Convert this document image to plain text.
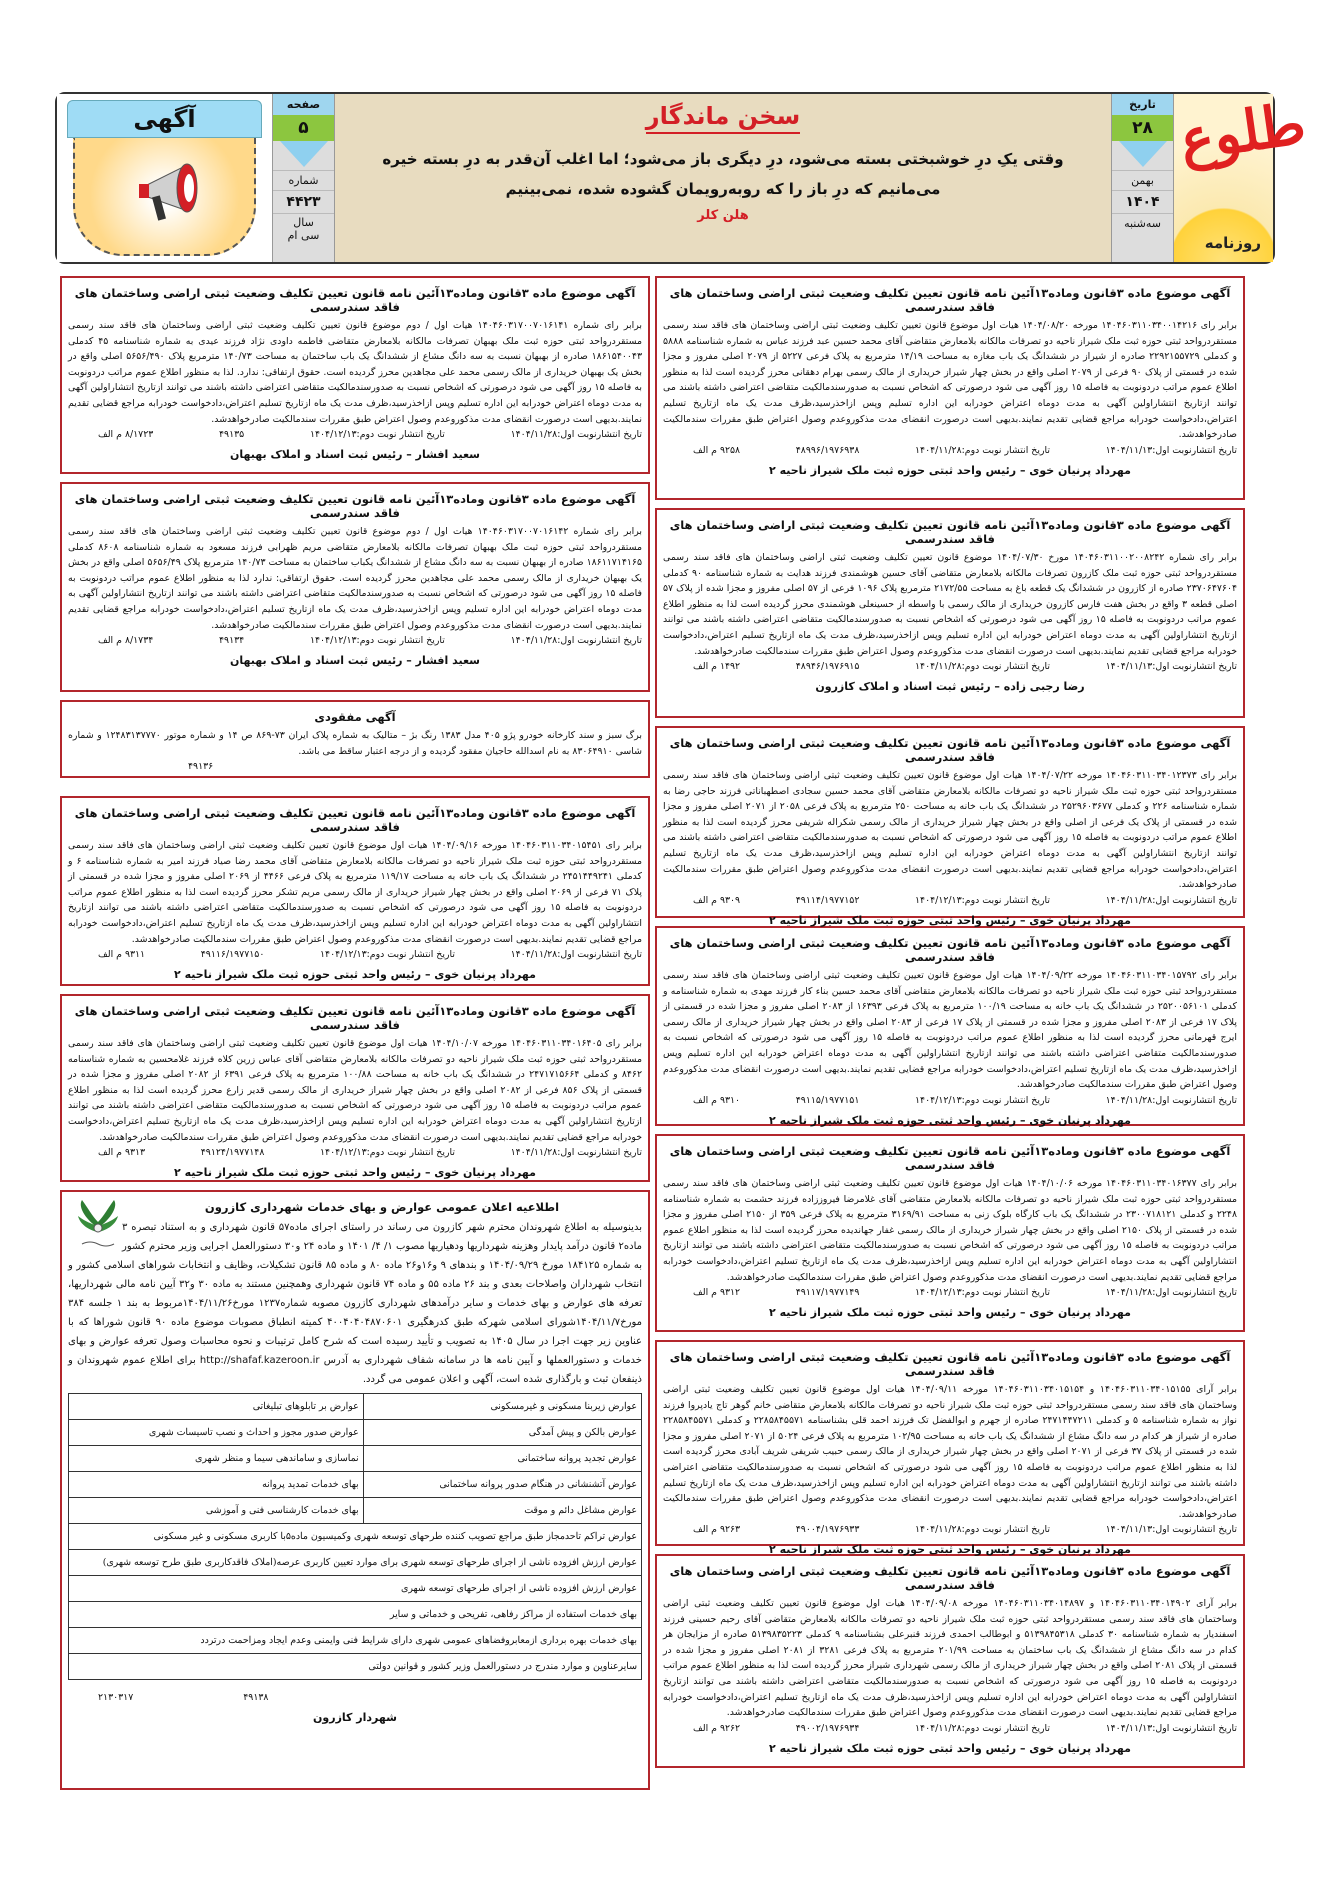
طلوع
روزنامه
تاریخ
۲۸
بهمن
۱۴۰۴
سه‌شنبه
سخن ماندگار
وقتی یکِ درِ خوشبختی بسته می‌شود، درِ دیگری باز می‌شود؛ اما اغلب آن‌قدر به درِ بسته خیره می‌مانیم که درِ باز را که روبه‌رویمان گشوده شده، نمی‌بینیم
هلن کلر
صفحه
۵
شماره
۴۴۲۳
سال
سی ام
آگهی
آگهی موضوع ماده ۳قانون وماده۱۳آئین نامه قانون تعیین تکلیف وضعیت ثبتی اراضی وساختمان های فاقد سندرسمی
برابر رای شماره ۱۴۰۴۶۰۳۱۷۰۰۷۰۱۶۱۴۱ هیات اول / دوم موضوع قانون تعیین تکلیف وضعیت ثبتی اراضی وساختمان های فاقد سند رسمی مستقردرواحد ثبتی حوزه ثبت ملک بهبهان تصرفات مالکانه بلامعارض متقاضی فاطمه داودی نژاد فرزند عیدی به شماره شناسنامه ۴۵ کدملی ۱۸۶۱۵۴۰۰۴۳ صادره از بهبهان نسبت به سه دانگ مشاع از ششدانگ یک باب ساختمان به مساحت ۱۴۰/۷۳ مترمربع پلاک ۵۶۵۶/۴۹۰ اصلی واقع در بخش یک بهبهان خریداری از مالک رسمی محمد علی مجاهدین محرز گردیده است. حقوق ارتفاقی: ندارد. لذا به منظور اطلاع عموم مراتب دردونوبت به فاصله ۱۵ روز آگهی می شود درصورتی که اشخاص نسبت به صدورسندمالکیت متقاضی اعتراضی داشته باشند می توانند ازتاریخ انتشاراولین آگهی به مدت دوماه اعتراض خودرابه این اداره تسلیم وپس ازاخذرسید،ظرف مدت یک ماه ازتاریخ تسلیم اعتراض،دادخواست خودرابه مراجع قضایی تقدیم نمایند.بدیهی است درصورت انقضای مدت مذکوروعدم وصول اعتراض طبق مقررات سندمالکیت صادرخواهدشد.
تاریخ انتشارنوبت اول:۱۴۰۴/۱۱/۲۸
تاریخ انتشار نوبت دوم:۱۴۰۴/۱۲/۱۳
۴۹۱۳۵
۸/۱۷۲۳ م الف
سعید افشار – رئیس ثبت اسناد و املاک بهبهان
آگهی موضوع ماده ۳قانون وماده۱۳آئین نامه قانون تعیین تکلیف وضعیت ثبتی اراضی وساختمان های فاقد سندرسمی
برابر رای شماره ۱۴۰۴۶۰۳۱۷۰۰۷۰۱۶۱۴۲ هیات اول / دوم موضوع قانون تعیین تکلیف وضعیت ثبتی اراضی وساختمان های فاقد سند رسمی مستقردرواحد ثبتی حوزه ثبت ملک بهبهان تصرفات مالکانه بلامعارض متقاضی مریم ظهرابی فرزند مسعود به شماره شناسنامه ۸۶۰۸ کدملی ۱۸۶۱۱۷۱۴۱۶۵ صادره از بهبهان نسبت به سه دانگ مشاع از ششدانگ یکباب ساختمان به مساحت ۱۴۰/۷۳ مترمربع پلاک ۵۶۵۶/۴۹ اصلی واقع در بخش یک بهبهان خریداری از مالک رسمی محمد علی مجاهدین محرز گردیده است. حقوق ارتفاقی: ندارد لذا به منظور اطلاع عموم مراتب دردونوبت به فاصله ۱۵ روز آگهی می شود درصورتی که اشخاص نسبت به صدورسندمالکیت متقاضی اعتراضی داشته باشند می توانند ازتاریخ انتشاراولین آگهی به مدت دوماه اعتراض خودرابه این اداره تسلیم وپس ازاخذرسید،ظرف مدت یک ماه ازتاریخ تسلیم اعتراض،دادخواست خودرابه مراجع قضایی تقدیم نمایند.بدیهی است درصورت انقضای مدت مذکوروعدم وصول اعتراض طبق مقررات سندمالکیت صادرخواهدشد.
تاریخ انتشارنوبت اول:۱۴۰۴/۱۱/۲۸
تاریخ انتشار نوبت دوم:۱۴۰۴/۱۲/۱۳
۴۹۱۳۴
۸/۱۷۳۴ م الف
سعید افشار – رئیس ثبت اسناد و املاک بهبهان
آگهی مفقودی
برگ سبز و سند کارخانه خودرو پژو ۴۰۵ مدل ۱۳۸۳ رنگ بژ – متالیک به شماره پلاک ایران ۷۳-۸۶۹ ص ۱۴ و شماره موتور ۱۲۴۸۳۱۳۷۷۷۰ و شماره شاسی ۸۳۰۶۴۹۱۰ به نام اسدالله حاجیان مفقود گردیده و از درجه اعتبار ساقط می باشد.
۴۹۱۳۶
آگهی موضوع ماده ۳قانون وماده۱۳آئین نامه قانون تعیین تکلیف وضعیت ثبتی اراضی وساختمان های فاقد سندرسمی
برابر رای ۱۴۰۴۶۰۳۱۱۰۳۴۰۱۵۴۵۱ مورخه ۱۴۰۴/۰۹/۱۶ هیات اول موضوع قانون تعیین تکلیف وضعیت ثبتی اراضی وساختمان های فاقد سند رسمی مستقردرواحد ثبتی حوزه ثبت ملک شیراز ناحیه دو تصرفات مالکانه بلامعارض متقاضی آقای محمد رضا صیاد فرزند امیر به شماره شناسنامه ۶ و کدملی ۲۴۵۱۴۴۹۲۴۱ در ششدانگ یک باب خانه به مساحت ۱۱۹/۱۷ مترمربع به پلاک فرعی ۴۴۶۶ از ۲۰۶۹ اصلی مفروز و مجزا شده در قسمتی از پلاک ۷۱ فرعی از ۲۰۶۹ اصلی واقع در بخش چهار شیراز خریداری از مالک رسمی مریم تشکر محرز گردیده است لذا به منظور اطلاع عموم مراتب دردونوبت به فاصله ۱۵ روز آگهی می شود درصورتی که اشخاص نسبت به صدورسندمالکیت متقاضی اعتراضی داشته باشند می توانند ازتاریخ انتشاراولین آگهی به مدت دوماه اعتراض خودرابه این اداره تسلیم وپس ازاخذرسید،ظرف مدت یک ماه ازتاریخ تسلیم اعتراض،دادخواست خودرابه مراجع قضایی تقدیم نمایند.بدیهی است درصورت انقضای مدت مذکوروعدم وصول اعتراض طبق مقررات سندمالکیت صادرخواهدشد.
تاریخ انتشارنوبت اول:۱۴۰۴/۱۱/۲۸
تاریخ انتشار نوبت دوم:۱۴۰۴/۱۲/۱۳
۴۹۱۱۶/۱۹۷۷۱۵۰
۹۳۱۱ م الف
مهرداد پرنیان خوی – رئیس واحد ثبتی حوزه ثبت ملک شیراز ناحیه ۲
آگهی موضوع ماده ۳قانون وماده۱۳آئین نامه قانون تعیین تکلیف وضعیت ثبتی اراضی وساختمان های فاقد سندرسمی
برابر رای ۱۴۰۴۶۰۳۱۱۰۳۴۰۱۶۴۰۵ مورخه ۱۴۰۴/۱۰/۰۷ هیات اول موضوع قانون تعیین تکلیف وضعیت ثبتی اراضی وساختمان های فاقد سند رسمی مستقردرواحد ثبتی حوزه ثبت ملک شیراز ناحیه دو تصرفات مالکانه بلامعارض متقاضی آقای عباس زرین کلاه فرزند غلامحسین به شماره شناسنامه ۸۴۶۲ و کدملی ۲۴۷۱۷۱۵۶۶۴ در ششدانگ یک باب خانه به مساحت ۱۰۰/۸۸ مترمربع به پلاک فرعی ۶۳۹۱ از ۲۰۸۲ اصلی مفروز و مجزا شده در قسمتی از پلاک ۸۵۶ فرعی از ۲۰۸۲ اصلی واقع در بخش چهار شیراز خریداری از مالک رسمی قدیر زارع محرز گردیده است لذا به منظور اطلاع عموم مراتب دردونوبت به فاصله ۱۵ روز آگهی می شود درصورتی که اشخاص نسبت به صدورسندمالکیت متقاضی اعتراضی داشته باشند می توانند ازتاریخ انتشاراولین آگهی به مدت دوماه اعتراض خودرابه این اداره تسلیم وپس ازاخذرسید،ظرف مدت یک ماه ازتاریخ تسلیم اعتراض،دادخواست خودرابه مراجع قضایی تقدیم نمایند.بدیهی است درصورت انقضای مدت مذکوروعدم وصول اعتراض طبق مقررات سندمالکیت صادرخواهدشد.
تاریخ انتشارنوبت اول:۱۴۰۴/۱۱/۲۸
تاریخ انتشار نوبت دوم:۱۴۰۴/۱۲/۱۳
۴۹۱۲۴/۱۹۷۷۱۴۸
۹۳۱۳ م الف
مهرداد پرنیان خوی – رئیس واحد ثبتی حوزه ثبت ملک شیراز ناحیه ۲
اطلاعیه اعلان عمومی عوارض و بهای خدمات شهرداری کازرون
بدینوسیله به اطلاع شهروندان محترم شهر کازرون می رساند در راستای اجرای ماده۵۷ قانون شهرداری و به استناد تبصره ۳ ماده۲ قانون درآمد پایدار وهزینه شهرداریها ودهیاریها مصوب ۱/ ۴/ ۱۴۰۱ و ماده ۲۴ و۳۰ دستورالعمل اجرایی وزیر محترم کشور به شماره ۱۸۴۱۲۵ مورخ ۱۴۰۴/۰۹/۲۹ و بندهای ۹ و۱۶و۲۶ ماده ۸۰ و ماده ۸۵ قانون تشکیلات، وظایف و انتخابات شوراهای اسلامی کشور و انتخاب شهرداران واصلاحات بعدی و بند ۲۶ ماده ۵۵ و ماده ۷۴ قانون شهرداری وهمچنین مستند به ماده ۳۰ و۳۲ آیین نامه مالی شهرداریها، تعرفه های عوارض و بهای خدمات و سایر درآمدهای شهرداری کازرون مصوبه شماره۱۲۳۷ مورخ۱۴۰۴/۱۱/۲۶مربوط به بند ۱ جلسه ۳۸۴ مورخ۱۴۰۴/۱۱/۷شورای اسلامی شهرکه طبق کدرهگیری ۴۰۰۴۰۴۰۴۸۷۰۶۰۱ کمیته انطباق مصوبات موضوع ماده ۹۰ قانون شوراها که با عناوین زیر جهت اجرا در سال ۱۴۰۵ به تصویب و تأیید رسیده است که شرح کامل ترتیبات و نحوه محاسبات وصول تعرفه عوارض و بهای خدمات و دستورالعملها و آیین نامه ها در سامانه شفاف شهرداری به آدرس http://shafaf.kazeroon.ir برای اطلاع عموم شهروندان و ذینفعان ثبت و بارگذاری شده است، آگهی و اعلان عمومی می گردد.
عوارض زیربنا مسکونی و غیرمسکونی	عوارض بر تابلوهای تبلیغاتی
عوارض بالکن و پیش آمدگی	عوارض صدور مجوز و احداث و نصب تاسیسات شهری
عوارض تجدید پروانه ساختمانی	نماسازی و ساماندهی سیما و منظر شهری
عوارض آتشنشانی در هنگام صدور پروانه ساختمانی	بهای خدمات تمدید پروانه
عوارض مشاغل دائم و موقت	بهای خدمات کارشناسی فنی و آموزشی
عوارض تراکم تاحدمجاز طبق مراجع تصویب کننده طرحهای توسعه شهری وکمیسیون ماده۵با کاربری مسکونی و غیر مسکونی	
عوارض ارزش افزوده ناشی از اجرای طرحهای توسعه شهری برای موارد تعیین کاربری عرصه(املاک فاقدکاربری طبق طرح توسعه شهری)	
عوارض ارزش افزوده ناشی از اجرای طرحهای توسعه شهری	
بهای خدمات استفاده از مراکز رفاهی، تفریحی و خدماتی و سایر	
بهای خدمات بهره برداری ازمعابروفضاهای عمومی شهری دارای شرایط فنی وایمنی وعدم ایجاد ومزاحمت درتردد	
سایرعناوین و موارد مندرج در دستورالعمل وزیر کشور و قوانین دولتی	
۴۹۱۳۸
۲۱۳۰۳۱۷
شهردار کازرون
آگهی موضوع ماده ۳قانون وماده۱۳آئین نامه قانون تعیین تکلیف وضعیت ثبتی اراضی وساختمان های فاقد سندرسمی
برابر رای ۱۴۰۴۶۰۳۱۱۰۳۴۰۰۱۴۲۱۶ مورخه ۱۴۰۴/۰۸/۲۰ هیات اول موضوع قانون تعیین تکلیف وضعیت ثبتی اراضی وساختمان های فاقد سند رسمی مستقردرواحد ثبتی حوزه ثبت ملک شیراز ناحیه دو تصرفات مالکانه بلامعارض متقاضی آقای محمد حسین عبد فرزند عباس به شماره شناسنامه ۵۸۸۸ و کدملی ۲۲۹۲۱۵۵۷۲۹ صادره از شیراز در ششدانگ یک باب مغازه به مساحت ۱۴/۱۹ مترمربع به پلاک فرعی ۵۲۲۷ از ۲۰۷۹ اصلی مفروز و مجزا شده در قسمتی از پلاک ۹۰ فرعی از ۲۰۷۹ اصلی واقع در بخش چهار شیراز خریداری از مالک رسمی بهرام دهقانی محرز گردیده است لذا به منظور اطلاع عموم مراتب دردونوبت به فاصله ۱۵ روز آگهی می شود درصورتی که اشخاص نسبت به صدورسندمالکیت متقاضی اعتراضی داشته باشند می توانند ازتاریخ انتشاراولین آگهی به مدت دوماه اعتراض خودرابه این اداره تسلیم وپس ازاخذرسید،ظرف مدت یک ماه ازتاریخ تسلیم اعتراض،دادخواست خودرابه مراجع قضایی تقدیم نمایند.بدیهی است درصورت انقضای مدت مذکوروعدم وصول اعتراض طبق مقررات سندمالکیت صادرخواهدشد.
تاریخ انتشارنوبت اول:۱۴۰۴/۱۱/۱۳
تاریخ انتشار نوبت دوم:۱۴۰۴/۱۱/۲۸
۴۸۹۹۶/۱۹۷۶۹۳۸
۹۲۵۸ م الف
مهرداد پرنیان خوی – رئیس واحد ثبتی حوزه ثبت ملک شیراز ناحیه ۲
آگهی موضوع ماده ۳قانون وماده۱۳آئین نامه قانون تعیین تکلیف وضعیت ثبتی اراضی وساختمان های فاقد سندرسمی
برابر رای شماره ۱۴۰۴۶۰۳۱۱۰۰۲۰۰۸۲۴۲ مورخ ۱۴۰۴/۰۷/۳۰ موضوع قانون تعیین تکلیف وضعیت ثبتی اراضی وساختمان های فاقد سند رسمی مستقردرواحد ثبتی حوزه ثبت ملک کازرون تصرفات مالکانه بلامعارض متقاضی آقای حسین هوشمندی فرزند هدایت به شماره شناسنامه ۹۰ کدملی ۲۳۷۰۶۴۷۶۰۴ صادره از کازرون در ششدانگ یک قطعه باغ به مساحت ۲۱۷۲/۵۵ مترمربع پلاک ۱۰۹۶ فرعی از ۵۷ اصلی مفروز و مجزا شده از پلاک ۵۷ اصلی قطعه ۳ واقع در بخش هفت فارس کازرون خریداری از مالک رسمی با واسطه از حسینعلی هوشمندی محرز گردیده است لذا به منظور اطلاع عموم مراتب دردونوبت به فاصله ۱۵ روز آگهی می شود درصورتی که اشخاص نسبت به صدورسندمالکیت متقاضی اعتراضی داشته باشند می توانند ازتاریخ انتشاراولین آگهی به مدت دوماه اعتراض خودرابه این اداره تسلیم وپس ازاخذرسید،ظرف مدت یک ماه ازتاریخ تسلیم اعتراض،دادخواست خودرابه مراجع قضایی تقدیم نمایند.بدیهی است درصورت انقضای مدت مذکوروعدم وصول اعتراض طبق مقررات سندمالکیت صادرخواهدشد.
تاریخ انتشارنوبت اول:۱۴۰۴/۱۱/۱۳
تاریخ انتشار نوبت دوم:۱۴۰۴/۱۱/۲۸
۴۸۹۴۶/۱۹۷۶۹۱۵
۱۴۹۲ م الف
رضا رجبی زاده – رئیس ثبت اسناد و املاک کازرون
آگهی موضوع ماده ۳قانون وماده۱۳آئین نامه قانون تعیین تکلیف وضعیت ثبتی اراضی وساختمان های فاقد سندرسمی
برابر رای ۱۴۰۴۶۰۳۱۱۰۳۴۰۱۲۳۷۳ مورخه ۱۴۰۴/۰۷/۲۲ هیات اول موضوع قانون تعیین تکلیف وضعیت ثبتی اراضی وساختمان های فاقد سند رسمی مستقردرواحد ثبتی حوزه ثبت ملک شیراز ناحیه دو تصرفات مالکانه بلامعارض متقاضی آقای محمد حسین سجادی اصطهباناتی فرزند حاجی رضا به شماره شناسنامه ۲۲۶ و کدملی ۲۵۲۹۶۰۳۶۷۷ در ششدانگ یک باب خانه به مساحت ۲۵۰ مترمربع به پلاک فرعی ۲۰۵۸ از ۲۰۷۱ اصلی مفروز و مجزا شده در قسمتی از پلاک یک فرعی از اصلی واقع در بخش چهار شیراز خریداری از مالک رسمی شکراله شریفی محرز گردیده است لذا به منظور اطلاع عموم مراتب دردونوبت به فاصله ۱۵ روز آگهی می شود درصورتی که اشخاص نسبت به صدورسندمالکیت متقاضی اعتراضی داشته باشند می توانند ازتاریخ انتشاراولین آگهی به مدت دوماه اعتراض خودرابه این اداره تسلیم وپس ازاخذرسید،ظرف مدت یک ماه ازتاریخ تسلیم اعتراض،دادخواست خودرابه مراجع قضایی تقدیم نمایند.بدیهی است درصورت انقضای مدت مذکوروعدم وصول اعتراض طبق مقررات سندمالکیت صادرخواهدشد.
تاریخ انتشارنوبت اول:۱۴۰۴/۱۱/۲۸
تاریخ انتشار نوبت دوم:۱۴۰۴/۱۲/۱۳
۴۹۱۱۴/۱۹۷۷۱۵۲
۹۳۰۹ م الف
مهرداد پرنیان خوی – رئیس واحد ثبتی حوزه ثبت ملک شیراز ناحیه ۲
آگهی موضوع ماده ۳قانون وماده۱۳آئین نامه قانون تعیین تکلیف وضعیت ثبتی اراضی وساختمان های فاقد سندرسمی
برابر رای ۱۴۰۴۶۰۳۱۱۰۳۴۰۱۵۷۹۲ مورخه ۱۴۰۴/۰۹/۲۲ هیات اول موضوع قانون تعیین تکلیف وضعیت ثبتی اراضی وساختمان های فاقد سند رسمی مستقردرواحد ثبتی حوزه ثبت ملک شیراز ناحیه دو تصرفات مالکانه بلامعارض متقاضی آقای محمد حسین بناء کار فرزند مهدی به شماره شناسنامه و کدملی ۲۵۲۰۰۵۶۱۰۱ در ششدانگ یک باب خانه به مساحت ۱۰۰/۱۹ مترمربع به پلاک فرعی ۱۶۳۹۳ از ۲۰۸۳ اصلی مفروز و مجزا شده در قسمتی از پلاک ۱۷ فرعی از ۲۰۸۳ اصلی مفروز و مجزا شده در قسمتی از پلاک ۱۷ فرعی از ۲۰۸۳ اصلی واقع در بخش چهار شیراز خریداری از مالک رسمی ایرج قهرمانی محرز گردیده است لذا به منظور اطلاع عموم مراتب دردونوبت به فاصله ۱۵ روز آگهی می شود درصورتی که اشخاص نسبت به صدورسندمالکیت متقاضی اعتراضی داشته باشند می توانند ازتاریخ انتشاراولین آگهی به مدت دوماه اعتراض خودرابه این اداره تسلیم وپس ازاخذرسید،ظرف مدت یک ماه ازتاریخ تسلیم اعتراض،دادخواست خودرابه مراجع قضایی تقدیم نمایند.بدیهی است درصورت انقضای مدت مذکوروعدم وصول اعتراض طبق مقررات سندمالکیت صادرخواهدشد.
تاریخ انتشارنوبت اول:۱۴۰۴/۱۱/۲۸
تاریخ انتشار نوبت دوم:۱۴۰۴/۱۲/۱۳
۴۹۱۱۵/۱۹۷۷۱۵۱
۹۳۱۰ م الف
مهرداد پرنیان خوی – رئیس واحد ثبتی حوزه ثبت ملک شیراز ناحیه ۲
آگهی موضوع ماده ۳قانون وماده۱۳آئین نامه قانون تعیین تکلیف وضعیت ثبتی اراضی وساختمان های فاقد سندرسمی
برابر رای ۱۴۰۴۶۰۳۱۱۰۳۴۰۱۶۳۷۷ مورخه ۱۴۰۴/۱۰/۰۶ هیات اول موضوع قانون تعیین تکلیف وضعیت ثبتی اراضی وساختمان های فاقد سند رسمی مستقردرواحد ثبتی حوزه ثبت ملک شیراز ناحیه دو تصرفات مالکانه بلامعارض متقاضی آقای غلامرضا فیروززاده فرزند حشمت به شماره شناسنامه ۲۲۴۸ و کدملی ۲۳۰۰۷۱۸۱۲۱ در ششدانگ یک باب کارگاه بلوک زنی به مساحت ۳۱۶۹/۹۱ مترمربع به پلاک فرعی ۳۵۹ از ۲۱۵۰ اصلی مفروز و مجزا شده در قسمتی از پلاک ۲۱۵۰ اصلی واقع در بخش چهار شیراز خریداری از مالک رسمی غفار جهاندیده محرز گردیده است لذا به منظور اطلاع عموم مراتب دردونوبت به فاصله ۱۵ روز آگهی می شود درصورتی که اشخاص نسبت به صدورسندمالکیت متقاضی اعتراضی داشته باشند می توانند ازتاریخ انتشاراولین آگهی به مدت دوماه اعتراض خودرابه این اداره تسلیم وپس ازاخذرسید،ظرف مدت یک ماه ازتاریخ تسلیم اعتراض،دادخواست خودرابه مراجع قضایی تقدیم نمایند.بدیهی است درصورت انقضای مدت مذکوروعدم وصول اعتراض طبق مقررات سندمالکیت صادرخواهدشد.
تاریخ انتشارنوبت اول:۱۴۰۴/۱۱/۲۸
تاریخ انتشار نوبت دوم:۱۴۰۴/۱۲/۱۳
۴۹۱۱۷/۱۹۷۷۱۴۹
۹۳۱۲ م الف
مهرداد پرنیان خوی – رئیس واحد ثبتی حوزه ثبت ملک شیراز ناحیه ۲
آگهی موضوع ماده ۳قانون وماده۱۳آئین نامه قانون تعیین تکلیف وضعیت ثبتی اراضی وساختمان های فاقد سندرسمی
برابر آرای ۱۴۰۴۶۰۳۱۱۰۳۴۰۱۵۱۵۵ و ۱۴۰۴۶۰۳۱۱۰۳۴۰۱۵۱۵۴ مورخه ۱۴۰۴/۰۹/۱۱ هیات اول موضوع قانون تعیین تکلیف وضعیت ثبتی اراضی وساختمان های فاقد سند رسمی مستقردرواحد ثبتی حوزه ثبت ملک شیراز ناحیه دو تصرفات مالکانه بلامعارض متقاضی خانم گوهر تاج یادپروا فرزند نواز به شماره شناسنامه ۵ و کدملی ۲۴۷۱۴۴۷۲۱۱ صادره از جهرم و ابوالفضل تک فرزند احمد قلی بشناسنامه ۲۲۸۵۸۴۵۵۷۱ و کدملی ۲۲۸۵۸۴۵۵۷۱ صادره از شیراز هر کدام در سه دانگ مشاع از ششدانگ یک باب خانه به مساحت ۱۰۲/۹۵ مترمربع به پلاک فرعی ۵۰۲۴ از ۲۰۷۱ اصلی مفروز و مجزا شده در قسمتی از پلاک ۳۷ فرعی از ۲۰۷۱ اصلی واقع در بخش چهار شیراز خریداری از مالک رسمی حبیب شریفی شریف آبادی محرز گردیده است لذا به منظور اطلاع عموم مراتب دردونوبت به فاصله ۱۵ روز آگهی می شود درصورتی که اشخاص نسبت به صدورسندمالکیت متقاضی اعتراضی داشته باشند می توانند ازتاریخ انتشاراولین آگهی به مدت دوماه اعتراض خودرابه این اداره تسلیم وپس ازاخذرسید،ظرف مدت یک ماه ازتاریخ تسلیم اعتراض،دادخواست خودرابه مراجع قضایی تقدیم نمایند.بدیهی است درصورت انقضای مدت مذکوروعدم وصول اعتراض طبق مقررات سندمالکیت صادرخواهدشد.
تاریخ انتشارنوبت اول:۱۴۰۴/۱۱/۱۳
تاریخ انتشار نوبت دوم:۱۴۰۴/۱۱/۲۸
۴۹۰۰۴/۱۹۷۶۹۳۳
۹۲۶۳ م الف
مهرداد پرنیان خوی – رئیس واحد ثبتی حوزه ثبت ملک شیراز ناحیه ۲
آگهی موضوع ماده ۳قانون وماده۱۳آئین نامه قانون تعیین تکلیف وضعیت ثبتی اراضی وساختمان های فاقد سندرسمی
برابر آرای ۱۴۰۴۶۰۳۱۱۰۳۴۰۱۴۹۰۲ و ۱۴۰۴۶۰۳۱۱۰۳۴۰۱۴۸۹۷ مورخه ۱۴۰۴/۰۹/۰۸ هیات اول موضوع قانون تعیین تکلیف وضعیت ثبتی اراضی وساختمان های فاقد سند رسمی مستقردرواحد ثبتی حوزه ثبت ملک شیراز ناحیه دو تصرفات مالکانه بلامعارض متقاضی آقای رحیم حسینی فرزند اسفندیار به شماره شناسنامه ۳۰ کدملی ۵۱۳۹۸۴۵۳۱۸ و ابوطالب احمدی فرزند قنبرعلی بشناسنامه ۹ کدملی ۵۱۳۹۸۳۵۲۲۳ صادره از مزایجان هر کدام در سه دانگ مشاع از ششدانگ یک باب ساختمان به مساحت ۲۰۱/۹۹ مترمربع به پلاک فرعی ۳۲۸۱ از ۲۰۸۱ اصلی مفروز و مجزا شده در قسمتی از پلاک ۲۰۸۱ اصلی واقع در بخش چهار شیراز خریداری از مالک رسمی شهرداری شیراز محرز گردیده است لذا به منظور اطلاع عموم مراتب دردونوبت به فاصله ۱۵ روز آگهی می شود درصورتی که اشخاص نسبت به صدورسندمالکیت متقاضی اعتراضی داشته باشند می توانند ازتاریخ انتشاراولین آگهی به مدت دوماه اعتراض خودرابه این اداره تسلیم وپس ازاخذرسید،ظرف مدت یک ماه ازتاریخ تسلیم اعتراض،دادخواست خودرابه مراجع قضایی تقدیم نمایند.بدیهی است درصورت انقضای مدت مذکوروعدم وصول اعتراض طبق مقررات سندمالکیت صادرخواهدشد.
تاریخ انتشارنوبت اول:۱۴۰۴/۱۱/۱۳
تاریخ انتشار نوبت دوم:۱۴۰۴/۱۱/۲۸
۴۹۰۰۲/۱۹۷۶۹۳۴
۹۲۶۲ م الف
مهرداد پرنیان خوی – رئیس واحد ثبتی حوزه ثبت ملک شیراز ناحیه ۲
